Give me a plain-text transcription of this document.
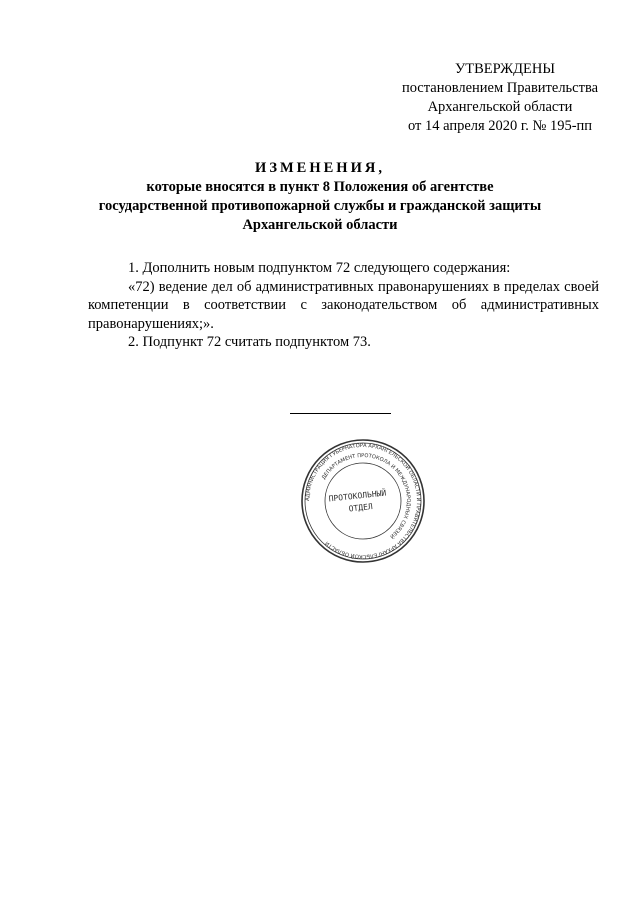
УТВЕРЖДЕНЫ
постановлением Правительства
Архангельской области
от 14 апреля 2020 г. № 195-пп
ИЗМЕНЕНИЯ,
которые вносятся в пункт 8 Положения об агентстве
государственной противопожарной службы и гражданской защиты
Архангельской области

1. Дополнить новым подпунктом 72 следующего содержания:

«72) ведение дел об административных правонарушениях в пределах своей компетенции в соответствии с законодательством об административных правонарушениях;».

2. Подпункт 72 считать подпунктом 73.

АДМИНИСТРАЦИЯ ГУБЕРНАТОРА АРХАНГЕЛЬСКОЙ ОБЛАСТИ И ПРАВИТЕЛЬСТВА АРХАНГЕЛЬСКОЙ ОБЛАСТИ
ДЕПАРТАМЕНТ ПРОТОКОЛА И МЕЖДУНАРОДНЫХ СВЯЗЕЙ
ПРОТОКОЛЬНЫЙ
ОТДЕЛ
